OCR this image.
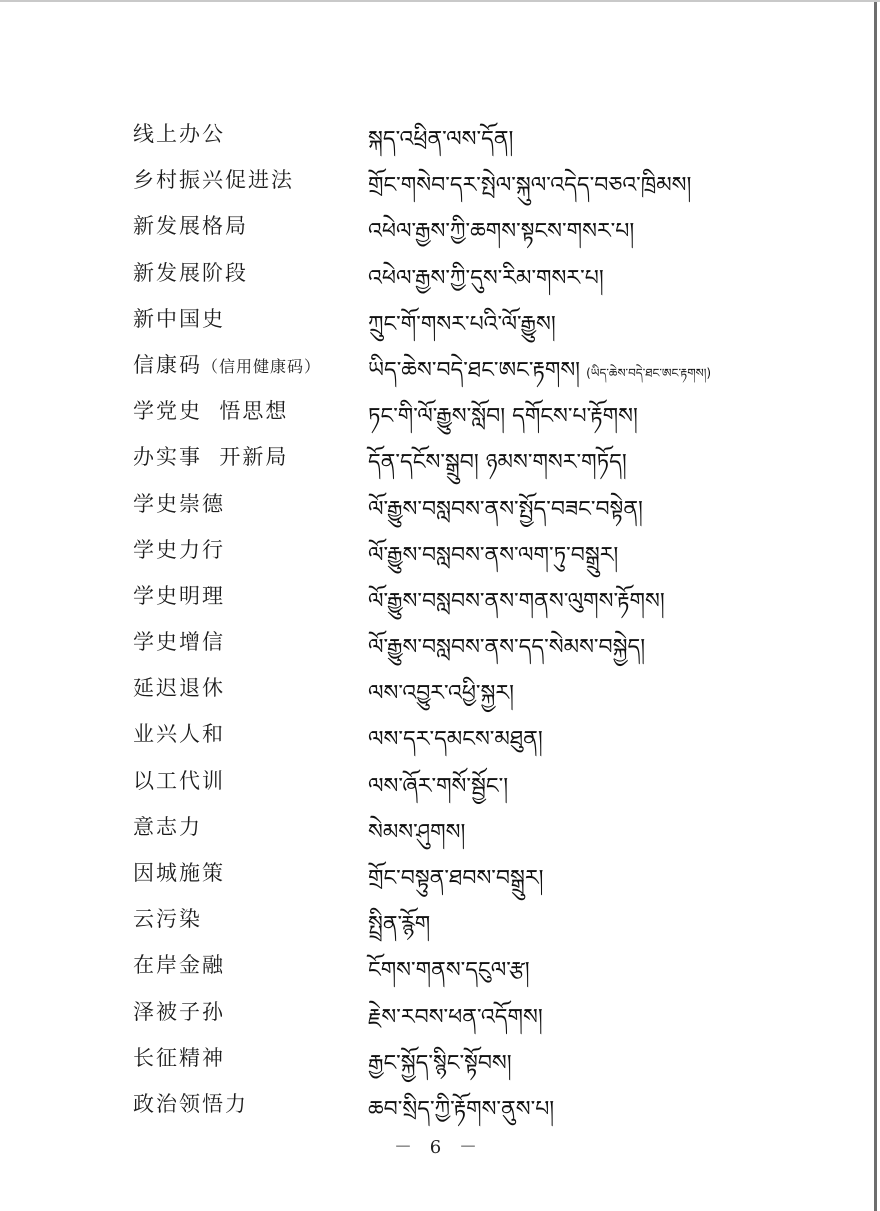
线上办公	སྐད་འཕྲིན་ལས་དོན།
乡村振兴促进法	གྲོང་གསེབ་དར་སྤེལ་སྐུལ་འདེད་བཅའ་ཁྲིམས།
新发展格局	འཕེལ་རྒྱས་ཀྱི་ཆགས་སྟངས་གསར་པ།
新发展阶段	འཕེལ་རྒྱས་ཀྱི་དུས་རིམ་གསར་པ།
新中国史	ཀྲུང་གོ་གསར་པའི་ལོ་རྒྱུས།
信康码（信用健康码） ཡིད་ཆེས་བདེ་ཐང་ཨང་རྟགས། (ཡིད་ཆེས་བདེ་ཐང་ཨང་རྟགས།)
学党史  悟思想	ཏང་གི་ལོ་རྒྱུས་སློབ། དགོངས་པ་རྟོགས།
办实事  开新局	དོན་དངོས་སྒྲུབ། ཉམས་གསར་གཏོད།
学史崇德	ལོ་རྒྱུས་བསླབས་ནས་སྤྱོད་བཟང་བསྟེན།
学史力行	ལོ་རྒྱུས་བསླབས་ནས་ལག་ཏུ་བསྒྲུར།
学史明理	ལོ་རྒྱུས་བསླབས་ནས་གནས་ལུགས་རྟོགས།
学史增信	ལོ་རྒྱུས་བསླབས་ནས་དད་སེམས་བསྐྱེད།
延迟退休	ལས་འབྱུར་འཕྱི་སྐྱར།
业兴人和	ལས་དར་དམངས་མཐུན།
以工代训	ལས་ཞོར་གསོ་སྦྱོང་།
意志力	སེམས་ཤུགས།
因城施策	གྲོང་བསྟུན་ཐབས་བསྒྲུར།
云污染	སྤྲིན་རྙོག
在岸金融	ངོགས་གནས་དངུལ་རྩ།
泽被子孙	རྗེས་རབས་ཕན་འདོགས།
长征精神	རྒྱང་སྐྱོད་སྙིང་སྟོབས།
政治领悟力	ཆབ་སྲིད་ཀྱི་རྟོགས་ནུས་པ།
－ 6 －
